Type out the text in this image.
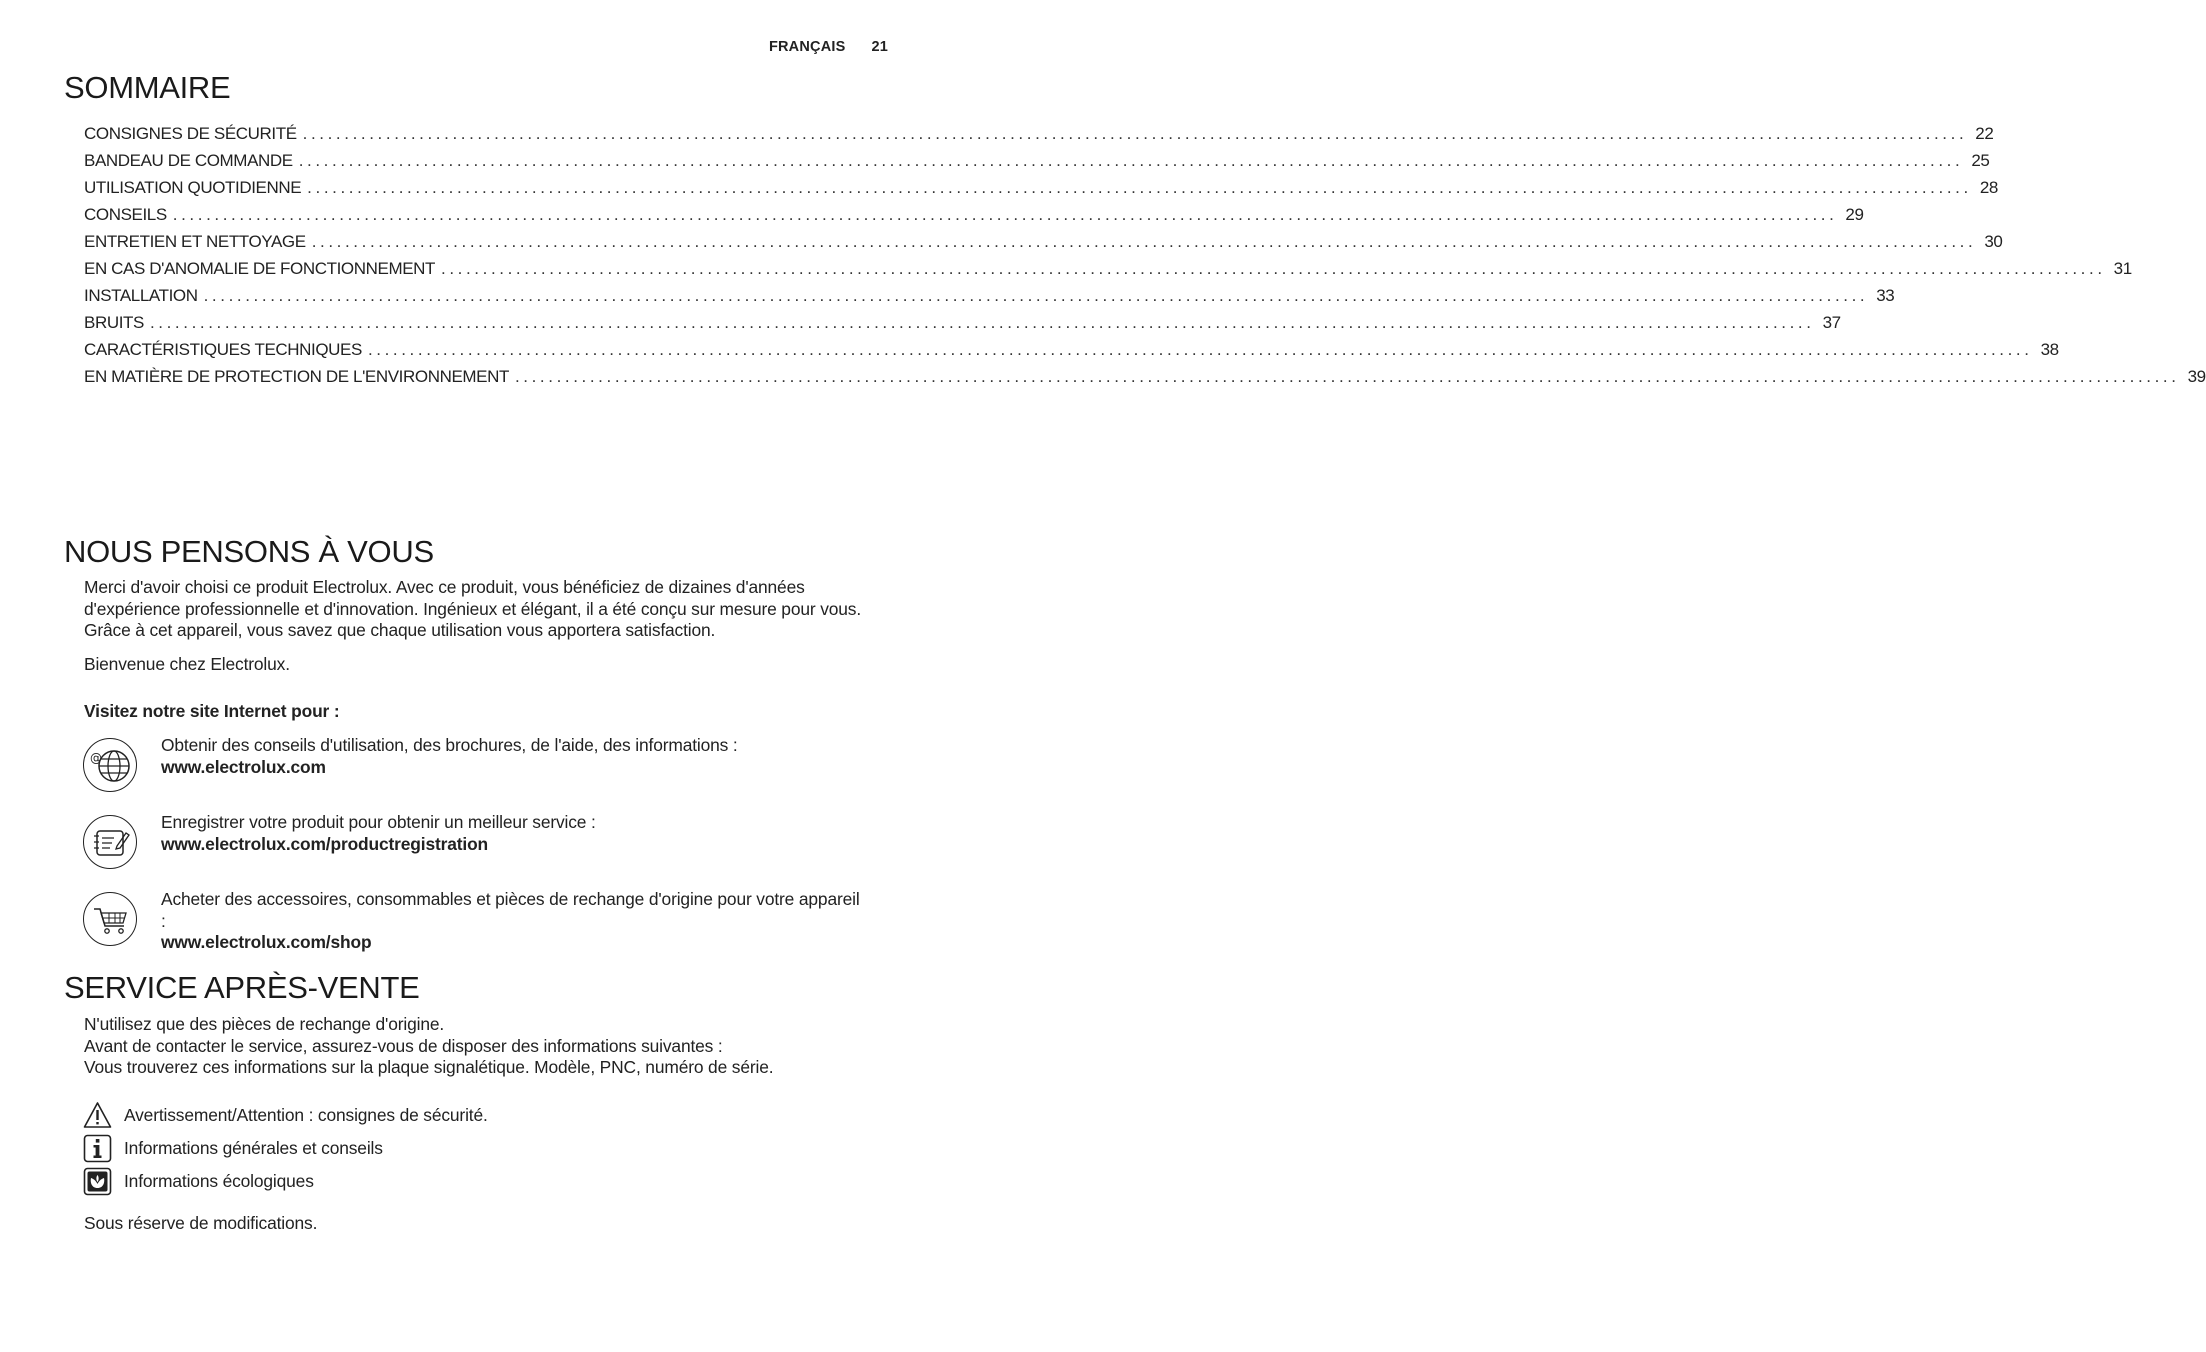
FRANÇAIS 21
SOMMAIRE
CONSIGNES DE SÉCURITÉ ........................................................................................................................................................................................................ 22
BANDEAU DE COMMANDE ........................................................................................................................................................................................................ 25
UTILISATION QUOTIDIENNE ........................................................................................................................................................................................................ 28
CONSEILS ........................................................................................................................................................................................................ 29
ENTRETIEN ET NETTOYAGE ........................................................................................................................................................................................................ 30
EN CAS D'ANOMALIE DE FONCTIONNEMENT ........................................................................................................................................................................................................ 31
INSTALLATION ........................................................................................................................................................................................................ 33
BRUITS ........................................................................................................................................................................................................ 37
CARACTÉRISTIQUES TECHNIQUES ........................................................................................................................................................................................................ 38
EN MATIÈRE DE PROTECTION DE L'ENVIRONNEMENT ........................................................................................................................................................................................................ 39
NOUS PENSONS À VOUS

Merci d'avoir choisi ce produit Electrolux. Avec ce produit, vous bénéficiez de dizaines d'années d'expérience professionnelle et d'innovation. Ingénieux et élégant, il a été conçu sur mesure pour vous. Grâce à cet appareil, vous savez que chaque utilisation vous apportera satisfaction.

Bienvenue chez Electrolux.

Visitez notre site Internet pour :

@
Obtenir des conseils d'utilisation, des brochures, de l'aide, des informations :
www.electrolux.com
Enregistrer votre produit pour obtenir un meilleur service :
www.electrolux.com/productregistration
Acheter des accessoires, consommables et pièces de rechange d'origine pour votre appareil :
www.electrolux.com/shop
SERVICE APRÈS-VENTE
N'utilisez que des pièces de rechange d'origine.
Avant de contacter le service, assurez-vous de disposer des informations suivantes :
Vous trouverez ces informations sur la plaque signalétique. Modèle, PNC, numéro de série.
Avertissement/Attention : consignes de sécurité.
Informations générales et conseils
Informations écologiques

Sous réserve de modifications.
